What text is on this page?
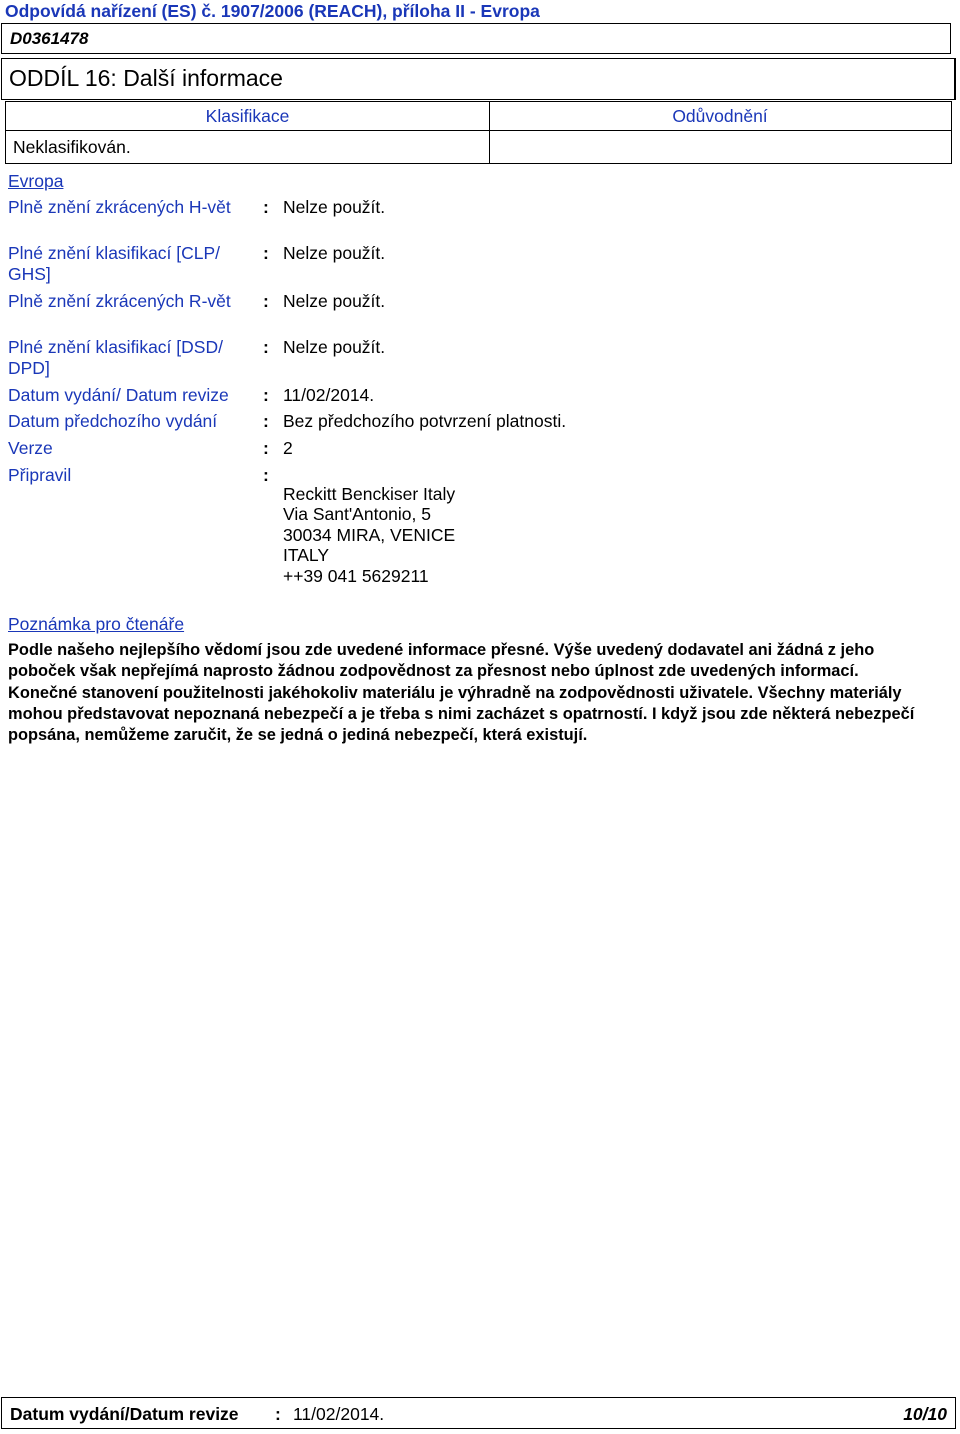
Odpovídá nařízení (ES) č. 1907/2006 (REACH), příloha II - Evropa
D0361478
ODDÍL 16: Další informace
Klasifikace	Odůvodnění
Neklasifikován.
Evropa
Plně znění zkrácených H-vět : Nelze použít.
Plné znění klasifikací [CLP/ GHS]
: Nelze použít.
Plně znění zkrácených R-vět : Nelze použít.
Plné znění klasifikací [DSD/ DPD]
: Nelze použít.
Datum vydání/ Datum revize : 11/02/2014.
Datum předchozího vydání	: Bez předchozího potvrzení platnosti.
Verze	: 2
Připravil	:
Reckitt Benckiser Italy
Via Sant'Antonio, 5
30034 MIRA, VENICE
ITALY
++39 041 5629211
Poznámka pro čtenáře

Podle našeho nejlepšího vědomí jsou zde uvedené informace přesné. Výše uvedený dodavatel ani žádná z jeho poboček však nepřejímá naprosto žádnou zodpovědnost za přesnost nebo úplnost zde uvedených informací.

Konečné stanovení použitelnosti jakéhokoliv materiálu je výhradně na zodpovědnosti uživatele. Všechny materiály mohou představovat nepoznaná nebezpečí a je třeba s nimi zacházet s opatrností. I když jsou zde některá nebezpečí popsána, nemůžeme zaručit, že se jedná o jediná nebezpečí, která existují.

Datum vydání/Datum revize : 11/02/2014.	10/10
